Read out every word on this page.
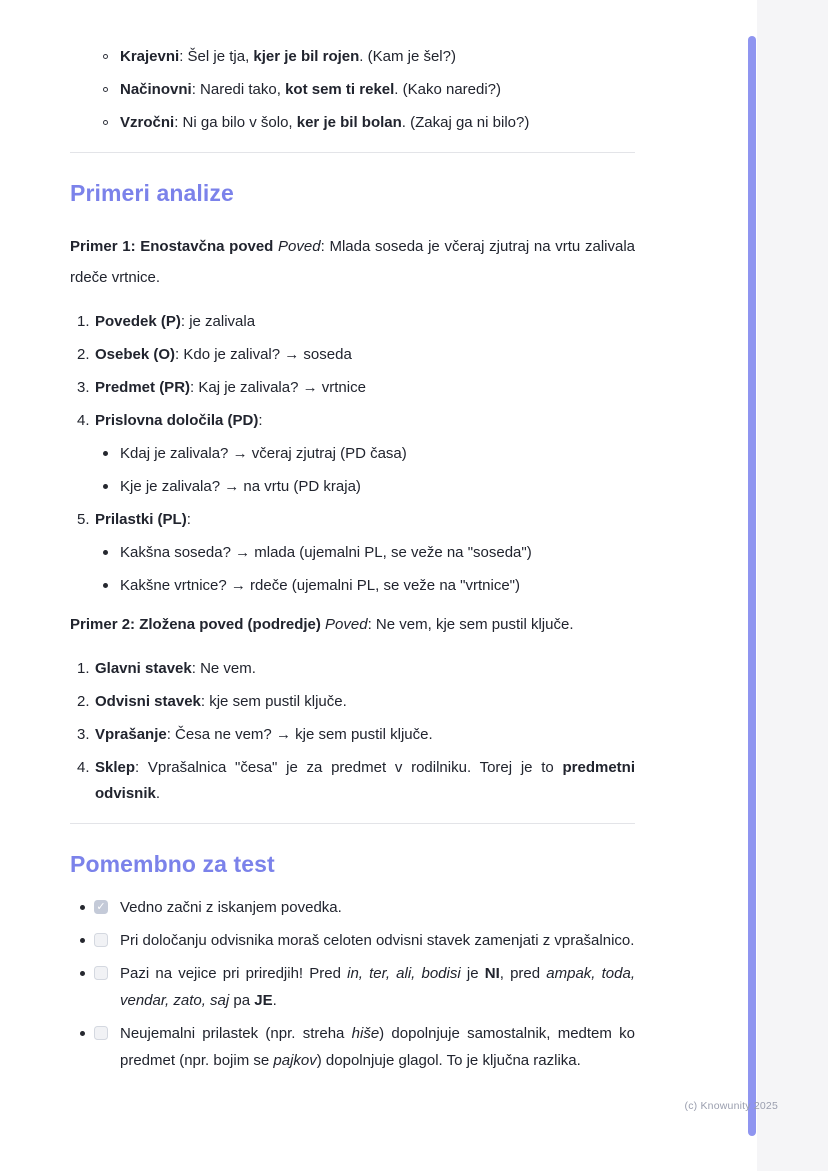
(c) Knowunity 2025
Krajevni: Šel je tja, kjer je bil rojen. (Kam je šel?)
Načinovni: Naredi tako, kot sem ti rekel. (Kako naredi?)
Vzročni: Ni ga bilo v šolo, ker je bil bolan. (Zakaj ga ni bilo?)
Primeri analize

Primer 1: Enostavčna poved Poved: Mlada soseda je včeraj zjutraj na vrtu zalivala rdeče vrtnice.

1. Povedek (P): je zalivala
2. Osebek (O): Kdo je zalival? → soseda
3. Predmet (PR): Kaj je zalivala? → vrtnice
4. Prislovna določila (PD):
Kdaj je zalivala? → včeraj zjutraj (PD časa)
Kje je zalivala? → na vrtu (PD kraja)
5. Prilastki (PL):
Kakšna soseda? → mlada (ujemalni PL, se veže na "soseda")
Kakšne vrtnice? → rdeče (ujemalni PL, se veže na "vrtnice")

Primer 2: Zložena poved (podredje) Poved: Ne vem, kje sem pustil ključe.

1. Glavni stavek: Ne vem.
2. Odvisni stavek: kje sem pustil ključe.
3. Vprašanje: Česa ne vem? → kje sem pustil ključe.
4. Sklep: Vprašalnica "česa" je za predmet v rodilniku. Torej je to predmetni odvisnik.
Pomembno za test
✓
Vedno začni z iskanjem povedka.
Pri določanju odvisnika moraš celoten odvisni stavek zamenjati z vprašalnico.
Pazi na vejice pri priredjih! Pred in, ter, ali, bodisi je NI, pred ampak, toda, vendar, zato, saj pa JE.
Neujemalni prilastek (npr. streha hiše) dopolnjuje samostalnik, medtem ko predmet (npr. bojim se pajkov) dopolnjuje glagol. To je ključna razlika.
